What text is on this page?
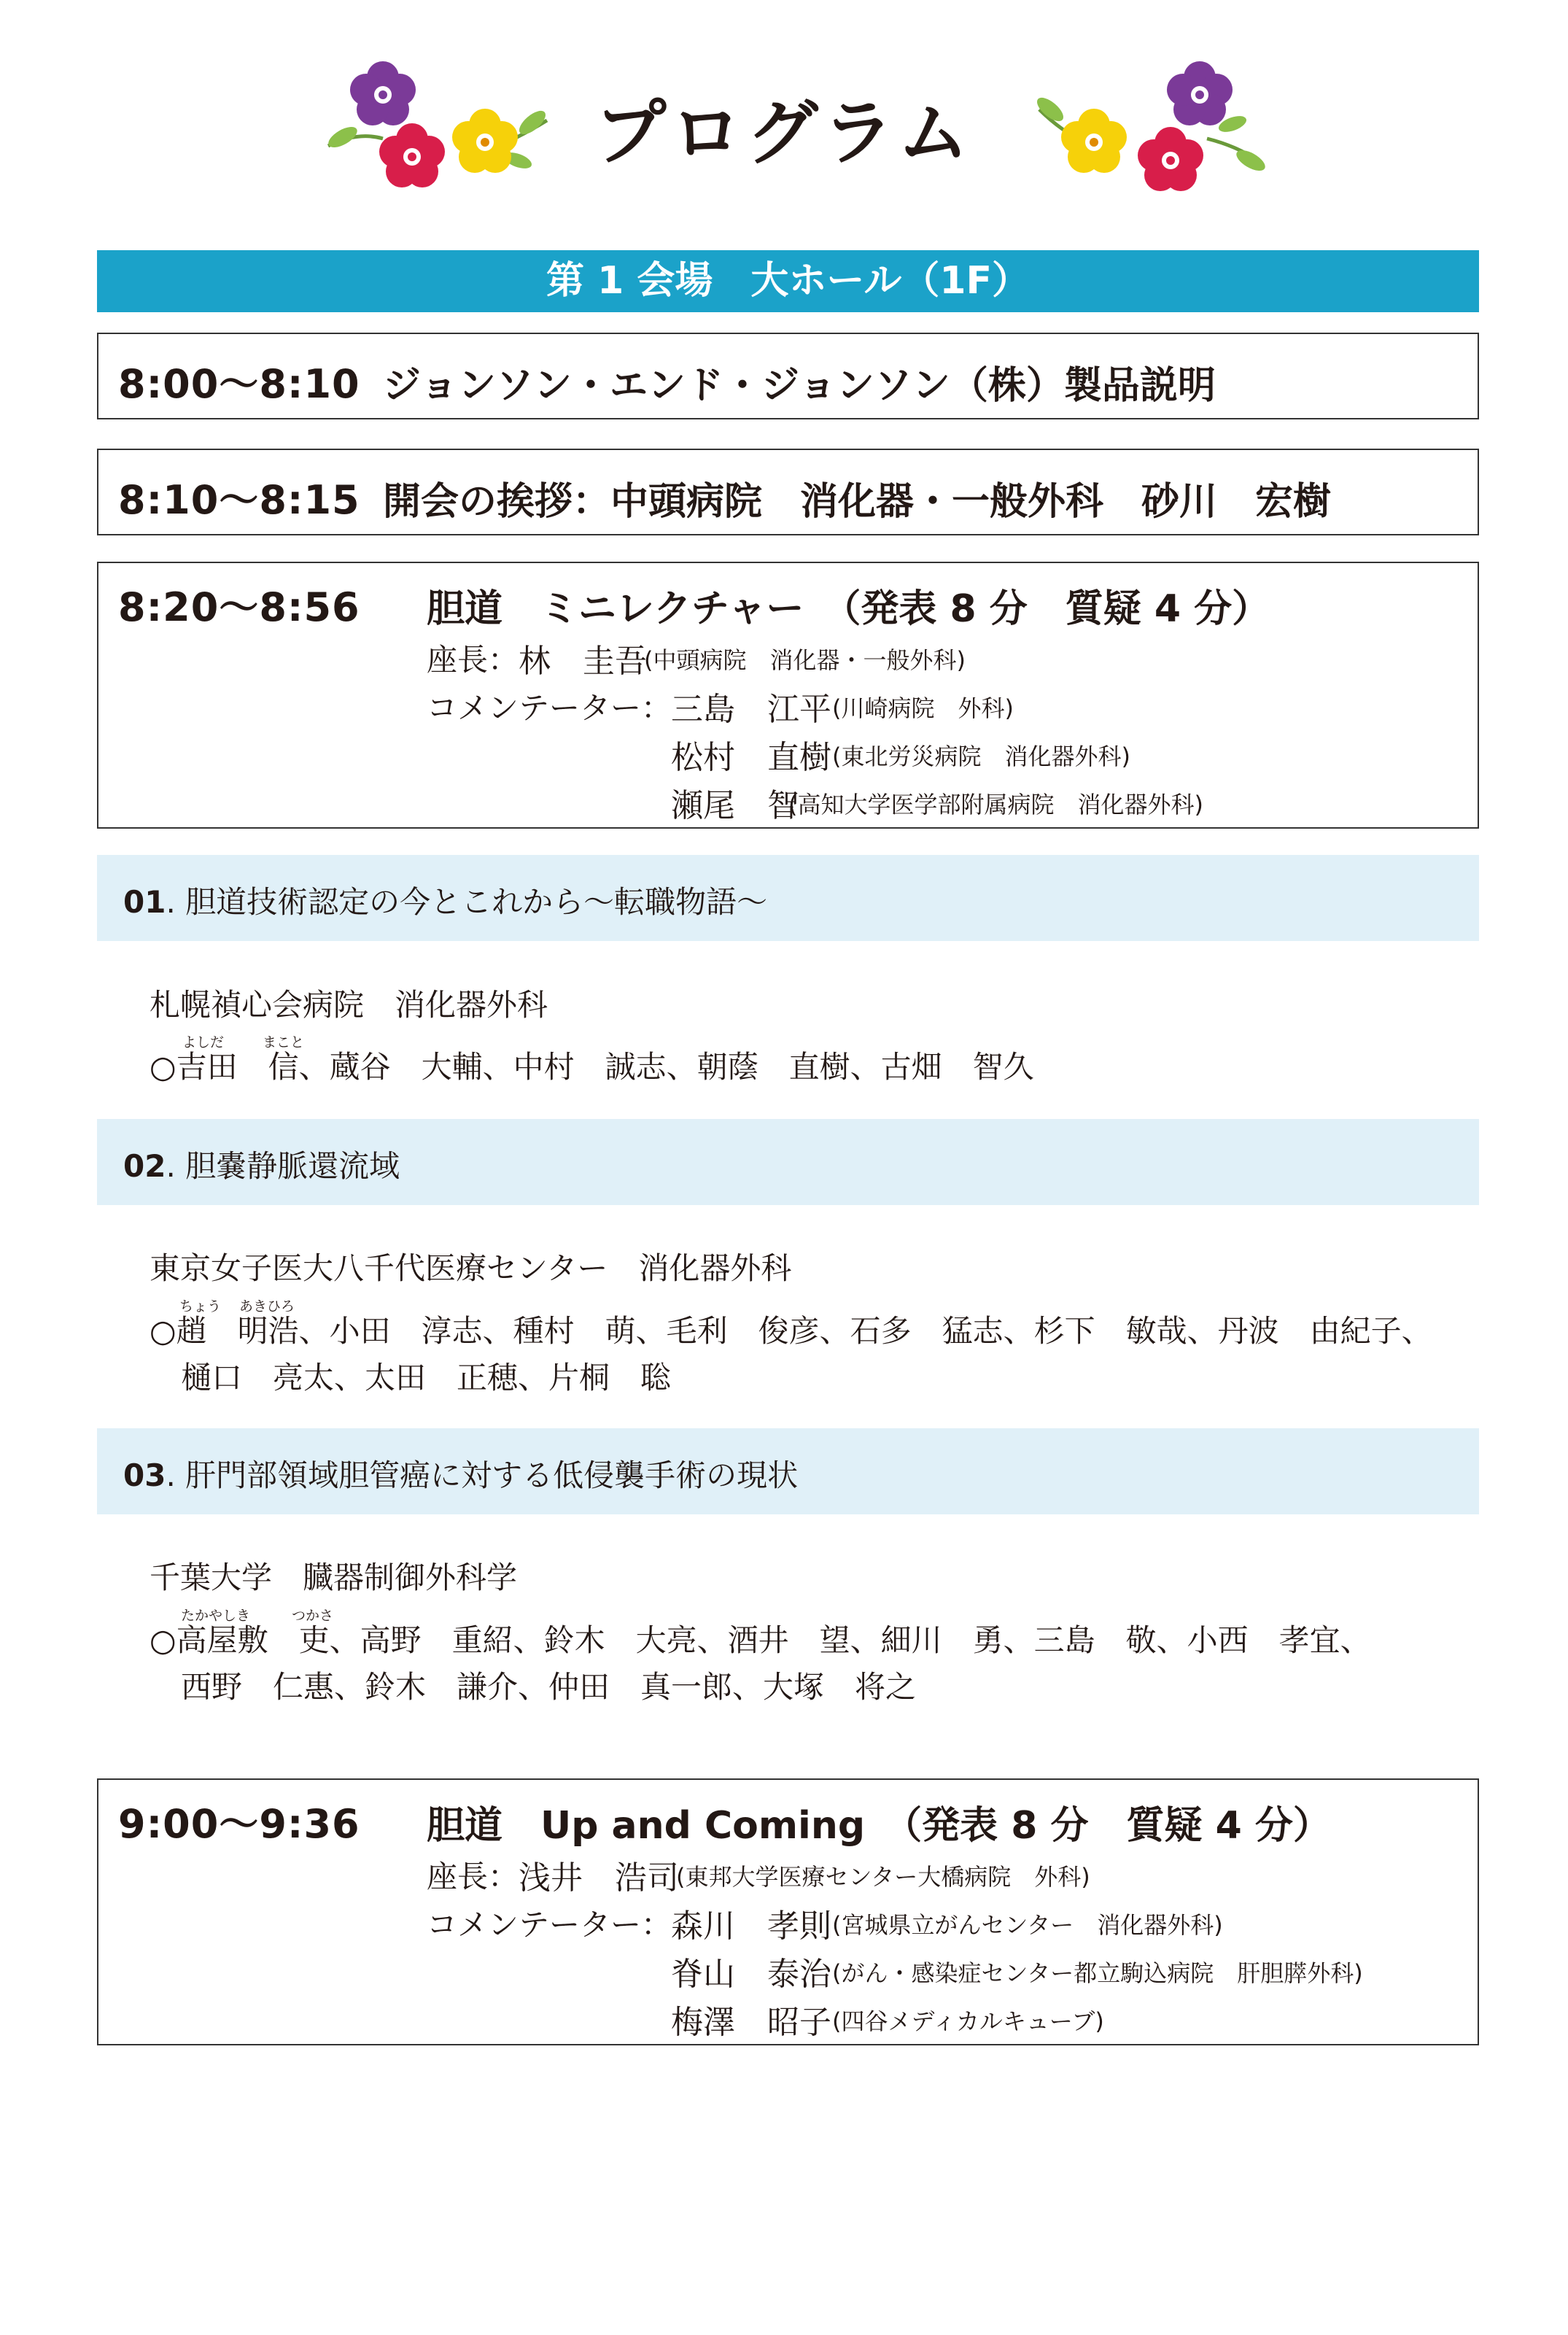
プログラム
第 1 会場　大ホール（1F）
8:00〜8:10 ジョンソン・エンド・ジョンソン（株）製品説明
8:10〜8:15 開会の挨拶：中頭病院　消化器・一般外科　砂川　宏樹
8:20〜8:56 胆道　ミニレクチャー　（発表 8 分　質疑 4 分）
座長： 林　圭吾
(中頭病院　消化器・一般外科)
コメンテーター：
三島　江平 (川崎病院　外科)
松村　直樹 (東北労災病院　消化器外科)
瀬尾　智
(高知大学医学部附属病院　消化器外科)
01. 胆道技術認定の今とこれから〜転職物語〜
札幌禎心会病院　消化器外科
よしだ	まこと
○吉田　信、蔵谷　大輔、中村　誠志、朝蔭　直樹、古畑　智久
02. 胆嚢静脈還流域
東京女子医大八千代医療センター　消化器外科
ちょう あきひろ
○趙　明浩、小田　淳志、種村　萌、毛利　俊彦、石多　猛志、杉下　敏哉、丹波　由紀子、
樋口　亮太、太田　正穂、片桐　聡
03. 肝門部領域胆管癌に対する低侵襲手術の現状
千葉大学　臓器制御外科学
たかやしき	つかさ
○高屋敷　吏、高野　重紹、鈴木　大亮、酒井　望、細川　勇、三島　敬、小西　孝宜、
西野　仁惠、鈴木　謙介、仲田　真一郎、大塚　将之
9:00〜9:36 胆道　Up and Coming　（発表 8 分　質疑 4 分）
座長： 浅井　浩司
(東邦大学医療センター大橋病院　外科)
コメンテーター：
森川　孝則 (宮城県立がんセンター　消化器外科)
脊山　泰治 (がん・感染症センター都立駒込病院　肝胆膵外科)
梅澤　昭子 (四谷メディカルキューブ)
